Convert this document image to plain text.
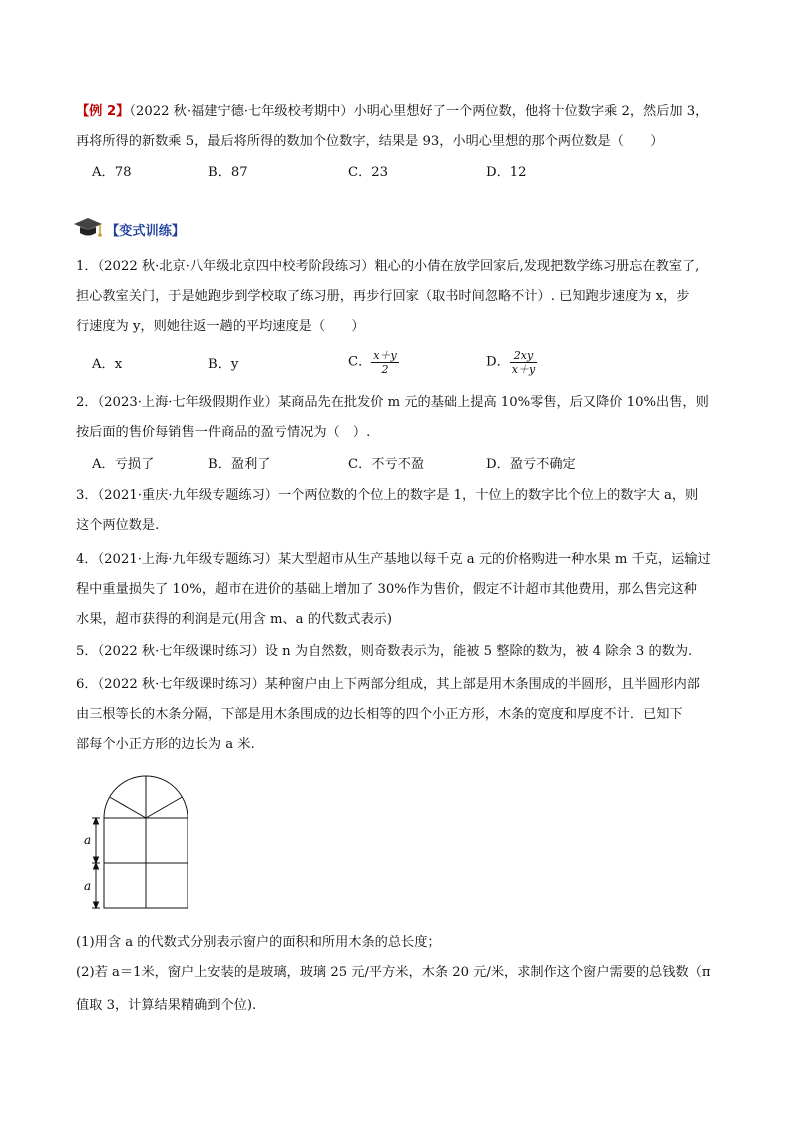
【例 2】（2022 秋·福建宁德·七年级校考期中）小明心里想好了一个两位数，他将十位数字乘 2，然后加 3，
再将所得的新数乘 5，最后将所得的数加个位数字，结果是 93，小明心里想的那个两位数是（　　）
A．78	B．87	C．23	D．12
【变式训练】
1．（2022 秋·北京·八年级北京四中校考阶段练习）粗心的小倩在放学回家后,发现把数学练习册忘在教室了,
担心教室关门，于是她跑步到学校取了练习册，再步行回家（取书时间忽略不计）. 已知跑步速度为 x，步
行速度为 y，则她往返一趟的平均速度是（　　）
A．x	B．y	C． $\frac{x+y}{2}$	D． $\frac{2xy}{x+y}$
2．（2023·上海·七年级假期作业）某商品先在批发价 m 元的基础上提高 10%零售，后又降价 10%出售，则
按后面的售价每销售一件商品的盈亏情况为（　）.
A．亏损了	B．盈利了	C．不亏不盈	D．盈亏不确定
3．（2021·重庆·九年级专题练习）一个两位数的个位上的数字是 1，十位上的数字比个位上的数字大 a，则
这个两位数是.
4．（2021·上海·九年级专题练习）某大型超市从生产基地以每千克 a 元的价格购进一种水果 m 千克，运输过
程中重量损失了 10%，超市在进价的基础上增加了 30%作为售价，假定不计超市其他费用，那么售完这种
水果，超市获得的利润是元(用含 m、a 的代数式表示)
5．（2022 秋·七年级课时练习）设 n 为自然数，则奇数表示为，能被 5 整除的数为，被 4 除余 3 的数为.
6．（2022 秋·七年级课时练习）某种窗户由上下两部分组成，其上部是用木条围成的半圆形，且半圆形内部
由三根等长的木条分隔，下部是用木条围成的边长相等的四个小正方形，木条的宽度和厚度不计．已知下
部每个小正方形的边长为 a 米.
a
a
(1)用含 a 的代数式分别表示窗户的面积和所用木条的总长度；
(2)若 a＝1米，窗户上安装的是玻璃，玻璃 25 元/平方米，木条 20 元/米，求制作这个窗户需要的总钱数（π
值取 3，计算结果精确到个位).
